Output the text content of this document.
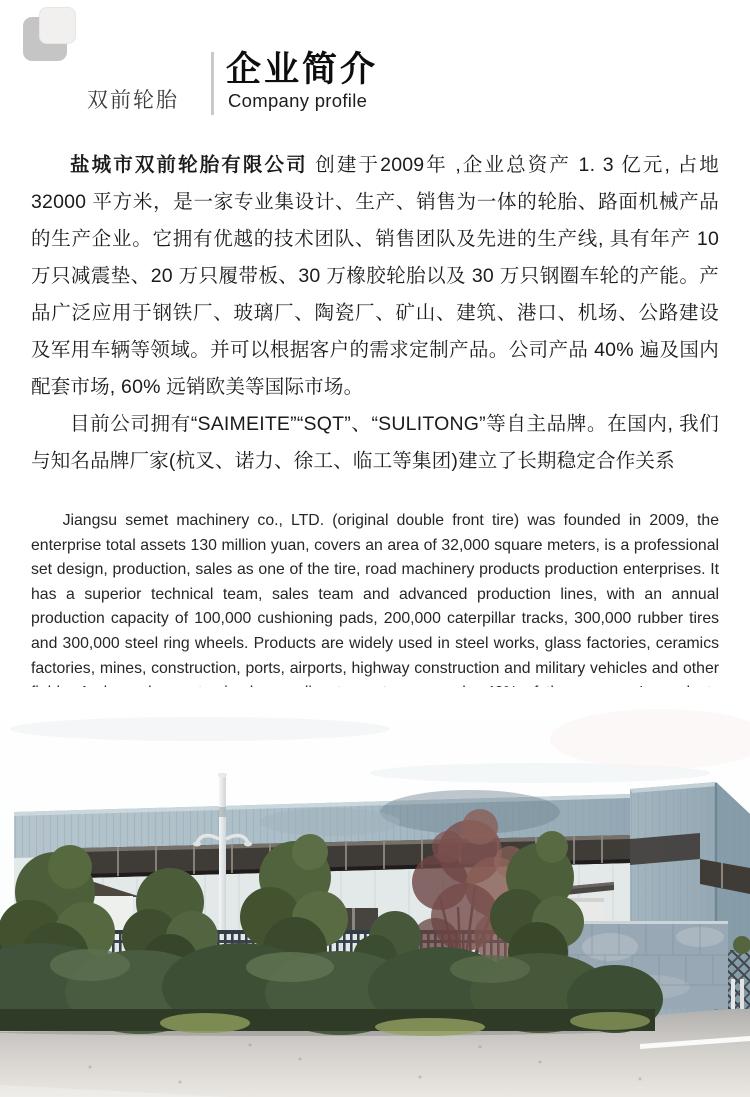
双前轮胎
企业简介
Company profile

盐城市双前轮胎有限公司 创建于2009年 ,企业总资产 1. 3 亿元, 占地 32000 平方米，是一家专业集设计、生产、销售为一体的轮胎、路面机械产品的生产企业。它拥有优越的技术团队、销售团队及先进的生产线, 具有年产 10 万只减震垫、20 万只履带板、30 万橡胶轮胎以及 30 万只钢圈车轮的产能。产品广泛应用于钢铁厂、玻璃厂、陶瓷厂、矿山、建筑、港口、机场、公路建设及军用车辆等领域。并可以根据客户的需求定制产品。公司产品 40% 遍及国内配套市场, 60% 远销欧美等国际市场。

目前公司拥有“SAIMEITE”“SQT”、“SULITONG”等自主品牌。在国内, 我们与知名品牌厂家(杭叉、诺力、徐工、临工等集团)建立了长期稳定合作关系

Jiangsu semet machinery co., LTD. (original double front tire) was founded in 2009, the enterprise total assets 130 million yuan, covers an area of 32,000 square meters, is a professional set design, production, sales as one of the tire, road machinery products production enterprises. It has a superior technical team, sales team and advanced production lines, with an annual production capacity of 100,000 cushioning pads, 200,000 caterpillar tracks, 300,000 rubber tires and 300,000 steel ring wheels. Products are widely used in steel works, glass factories, ceramics factories, mines, construction, ports, airports, highway construction and military vehicles and other
